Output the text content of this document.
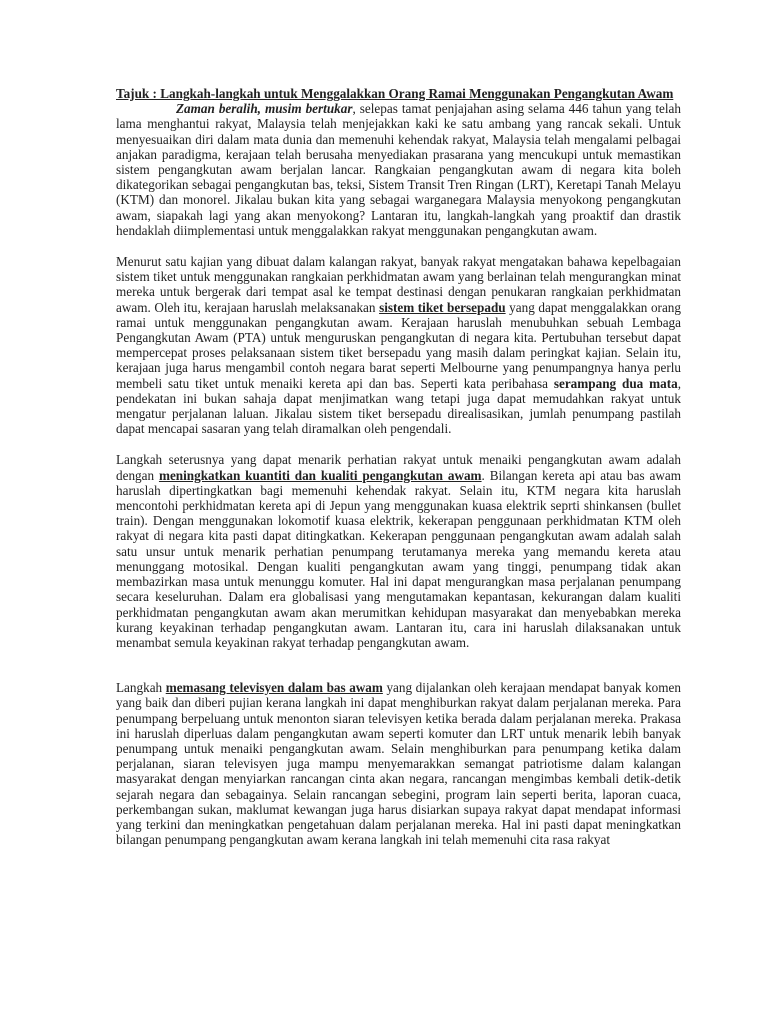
Tajuk : Langkah-langkah untuk Menggalakkan Orang Ramai Menggunakan Pengangkutan Awam

Zaman beralih, musim bertukar, selepas tamat penjajahan asing selama 446 tahun yang telah lama menghantui rakyat, Malaysia telah menjejakkan kaki ke satu ambang yang rancak sekali. Untuk menyesuaikan diri dalam mata dunia dan memenuhi kehendak rakyat, Malaysia telah mengalami pelbagai anjakan paradigma, kerajaan telah berusaha menyediakan prasarana yang mencukupi untuk memastikan sistem pengangkutan awam berjalan lancar. Rangkaian pengangkutan awam di negara kita boleh dikategorikan sebagai pengangkutan bas, teksi, Sistem Transit Tren Ringan (LRT), Keretapi Tanah Melayu (KTM) dan monorel. Jikalau bukan kita yang sebagai warganegara Malaysia menyokong pengangkutan awam, siapakah lagi yang akan menyokong? Lantaran itu, langkah-langkah yang proaktif dan drastik hendaklah diimplementasi untuk menggalakkan rakyat menggunakan pengangkutan awam.

Menurut satu kajian yang dibuat dalam kalangan rakyat, banyak rakyat mengatakan bahawa kepelbagaian sistem tiket untuk menggunakan rangkaian perkhidmatan awam yang berlainan telah mengurangkan minat mereka untuk bergerak dari tempat asal ke tempat destinasi dengan penukaran rangkaian perkhidmatan awam. Oleh itu, kerajaan haruslah melaksanakan sistem tiket bersepadu yang dapat menggalakkan orang ramai untuk menggunakan pengangkutan awam. Kerajaan haruslah menubuhkan sebuah Lembaga Pengangkutan Awam (PTA) untuk menguruskan pengangkutan di negara kita. Pertubuhan tersebut dapat mempercepat proses pelaksanaan sistem tiket bersepadu yang masih dalam peringkat kajian. Selain itu, kerajaan juga harus mengambil contoh negara barat seperti Melbourne yang penumpangnya hanya perlu membeli satu tiket untuk menaiki kereta api dan bas. Seperti kata peribahasa serampang dua mata, pendekatan ini bukan sahaja dapat menjimatkan wang tetapi juga dapat memudahkan rakyat untuk mengatur perjalanan laluan. Jikalau sistem tiket bersepadu direalisasikan, jumlah penumpang pastilah dapat mencapai sasaran yang telah diramalkan oleh pengendali.

Langkah seterusnya yang dapat menarik perhatian rakyat untuk menaiki pengangkutan awam adalah dengan meningkatkan kuantiti dan kualiti pengangkutan awam. Bilangan kereta api atau bas awam haruslah dipertingkatkan bagi memenuhi kehendak rakyat. Selain itu, KTM negara kita haruslah mencontohi perkhidmatan kereta api di Jepun yang menggunakan kuasa elektrik seprti shinkansen (bullet train). Dengan menggunakan lokomotif kuasa elektrik, kekerapan penggunaan perkhidmatan KTM oleh rakyat di negara kita pasti dapat ditingkatkan. Kekerapan penggunaan pengangkutan awam adalah salah satu unsur untuk menarik perhatian penumpang terutamanya mereka yang memandu kereta atau menunggang motosikal. Dengan kualiti pengangkutan awam yang tinggi, penumpang tidak akan membazirkan masa untuk menunggu komuter. Hal ini dapat mengurangkan masa perjalanan penumpang secara keseluruhan. Dalam era globalisasi yang mengutamakan kepantasan, kekurangan dalam kualiti perkhidmatan pengangkutan awam akan merumitkan kehidupan masyarakat dan menyebabkan mereka kurang keyakinan terhadap pengangkutan awam. Lantaran itu, cara ini haruslah dilaksanakan untuk menambat semula keyakinan rakyat terhadap pengangkutan awam.

Langkah memasang televisyen dalam bas awam yang dijalankan oleh kerajaan mendapat banyak komen yang baik dan diberi pujian kerana langkah ini dapat menghiburkan rakyat dalam perjalanan mereka. Para penumpang berpeluang untuk menonton siaran televisyen ketika berada dalam perjalanan mereka. Prakasa ini haruslah diperluas dalam pengangkutan awam seperti komuter dan LRT untuk menarik lebih banyak penumpang untuk menaiki pengangkutan awam. Selain menghiburkan para penumpang ketika dalam perjalanan, siaran televisyen juga mampu menyemarakkan semangat patriotisme dalam kalangan masyarakat dengan menyiarkan rancangan cinta akan negara, rancangan mengimbas kembali detik-detik sejarah negara dan sebagainya. Selain rancangan sebegini, program lain seperti berita, laporan cuaca, perkembangan sukan, maklumat kewangan juga harus disiarkan supaya rakyat dapat mendapat informasi yang terkini dan meningkatkan pengetahuan dalam perjalanan mereka. Hal ini pasti dapat meningkatkan bilangan penumpang pengangkutan awam kerana langkah ini telah memenuhi cita rasa rakyat
